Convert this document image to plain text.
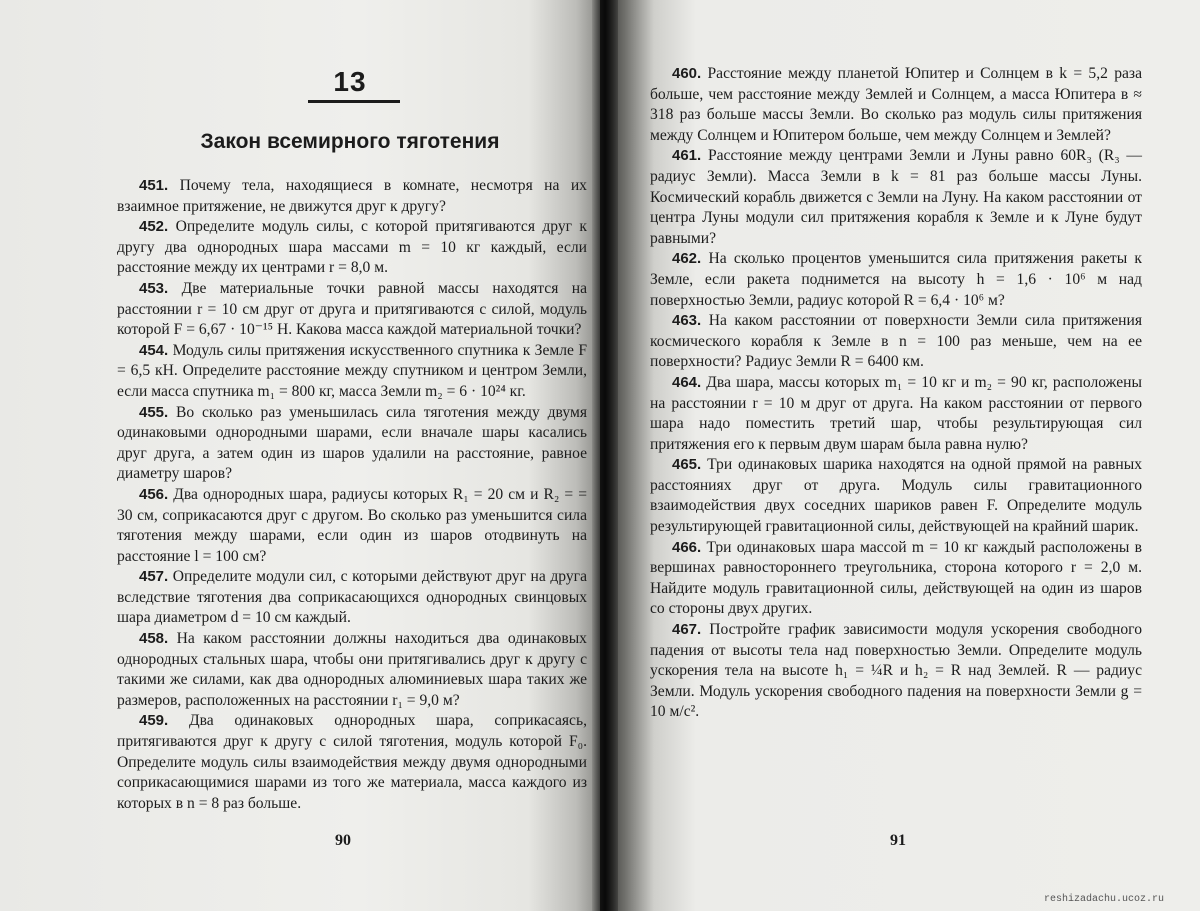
13
Закон всемирного тяготения
451. Почему тела, находящиеся в комнате, несмотря на их взаимное притяжение, не движутся друг к другу?
452. Определите модуль силы, с которой притягиваются друг к другу два однородных шара массами m = 10 кг каждый, если расстояние между их центрами r = 8,0 м.
453. Две материальные точки равной массы находятся на расстоянии r = 10 см друг от друга и притягиваются с силой, модуль которой F = 6,67 · 10⁻¹⁵ Н. Какова масса каждой материальной точки?
454. Модуль силы притяжения искусственного спутника к Земле F = 6,5 кН. Определите расстояние между спутником и центром Земли, если масса спутника m₁ = 800 кг, масса Земли m₂ = 6 · 10²⁴ кг.
455. Во сколько раз уменьшилась сила тяготения между двумя одинаковыми однородными шарами, если вначале шары касались друг друга, а затем один из шаров удалили на расстояние, равное диаметру шаров?
456. Два однородных шара, радиусы которых R₁ = 20 см и R₂ = = 30 см, соприкасаются друг с другом. Во сколько раз уменьшится сила тяготения между шарами, если один из шаров отодвинуть на расстояние l = 100 см?
457. Определите модули сил, с которыми действуют друг на друга вследствие тяготения два соприкасающихся однородных свинцовых шара диаметром d = 10 см каждый.
458. На каком расстоянии должны находиться два одинаковых однородных стальных шара, чтобы они притягивались друг к другу с такими же силами, как два однородных алюминиевых шара таких же размеров, расположенных на расстоянии r₁ = 9,0 м?
459. Два одинаковых однородных шара, соприкасаясь, притягиваются друг к другу с силой тяготения, модуль которой F₀. Определите модуль силы взаимодействия между двумя однородными соприкасающимися шарами из того же материала, масса каждого из которых в n = 8 раз больше.
90
460. Расстояние между планетой Юпитер и Солнцем в k = 5,2 раза больше, чем расстояние между Землей и Солнцем, а масса Юпитера в ≈ 318 раз больше массы Земли. Во сколько раз модуль силы притяжения между Солнцем и Юпитером больше, чем между Солнцем и Землей?
461. Расстояние между центрами Земли и Луны равно 60R₃ (R₃ — радиус Земли). Масса Земли в k = 81 раз больше массы Луны. Космический корабль движется с Земли на Луну. На каком расстоянии от центра Луны модули сил притяжения корабля к Земле и к Луне будут равными?
462. На сколько процентов уменьшится сила притяжения ракеты к Земле, если ракета поднимется на высоту h = 1,6 · 10⁶ м над поверхностью Земли, радиус которой R = 6,4 · 10⁶ м?
463. На каком расстоянии от поверхности Земли сила притяжения космического корабля к Земле в n = 100 раз меньше, чем на ее поверхности? Радиус Земли R = 6400 км.
464. Два шара, массы которых m₁ = 10 кг и m₂ = 90 кг, расположены на расстоянии r = 10 м друг от друга. На каком расстоянии от первого шара надо поместить третий шар, чтобы результирующая сил притяжения его к первым двум шарам была равна нулю?
465. Три одинаковых шарика находятся на одной прямой на равных расстояниях друг от друга. Модуль силы гравитационного взаимодействия двух соседних шариков равен F. Определите модуль результирующей гравитационной силы, действующей на крайний шарик.
466. Три одинаковых шара массой m = 10 кг каждый расположены в вершинах равностороннего треугольника, сторона которого r = 2,0 м. Найдите модуль гравитационной силы, действующей на один из шаров со стороны двух других.
467. Постройте график зависимости модуля ускорения свободного падения от высоты тела над поверхностью Земли. Определите модуль ускорения тела на высоте h₁ = ¼R и h₂ = R над Землей. R — радиус Земли. Модуль ускорения свободного падения на поверхности Земли g = 10 м/с².
91
reshizadachu.ucoz.ru
